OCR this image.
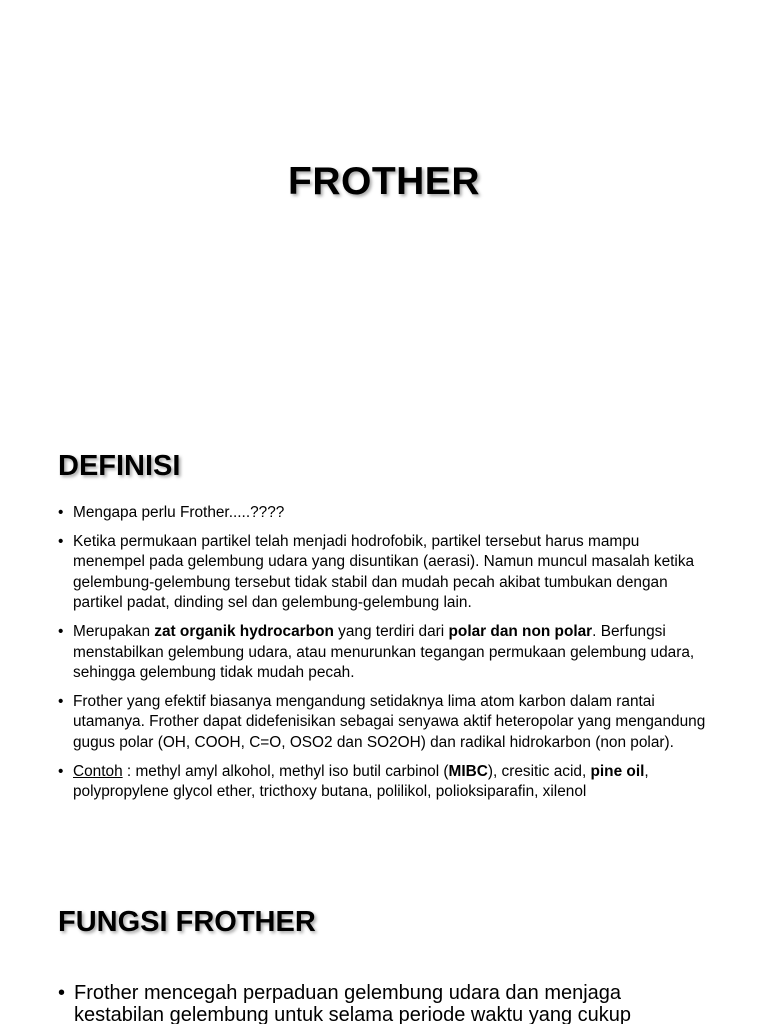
FROTHER
DEFINISI
• Mengapa perlu Frother.....????
• Ketika permukaan partikel telah menjadi hodrofobik, partikel tersebut harus mampu menempel pada gelembung udara yang disuntikan (aerasi). Namun muncul masalah ketika gelembung-gelembung tersebut tidak stabil dan mudah pecah akibat tumbukan dengan partikel padat, dinding sel dan gelembung-gelembung lain.
• Merupakan zat organik hydrocarbon yang terdiri dari polar dan non polar. Berfungsi menstabilkan gelembung udara, atau menurunkan tegangan permukaan gelembung udara, sehingga gelembung tidak mudah pecah.
• Frother yang efektif biasanya mengandung setidaknya lima atom karbon dalam rantai utamanya. Frother dapat didefenisikan sebagai senyawa aktif heteropolar yang mengandung gugus polar (OH, COOH, C=O, OSO2 dan SO2OH) dan radikal hidrokarbon (non polar).
• Contoh : methyl amyl alkohol, methyl iso butil carbinol (MIBC), cresitic acid, pine oil, polypropylene glycol ether, tricthoxy butana, polilikol, polioksiparafin, xilenol
FUNGSI FROTHER
• Frother mencegah perpaduan gelembung udara dan menjaga kestabilan gelembung untuk selama periode waktu yang cukup
